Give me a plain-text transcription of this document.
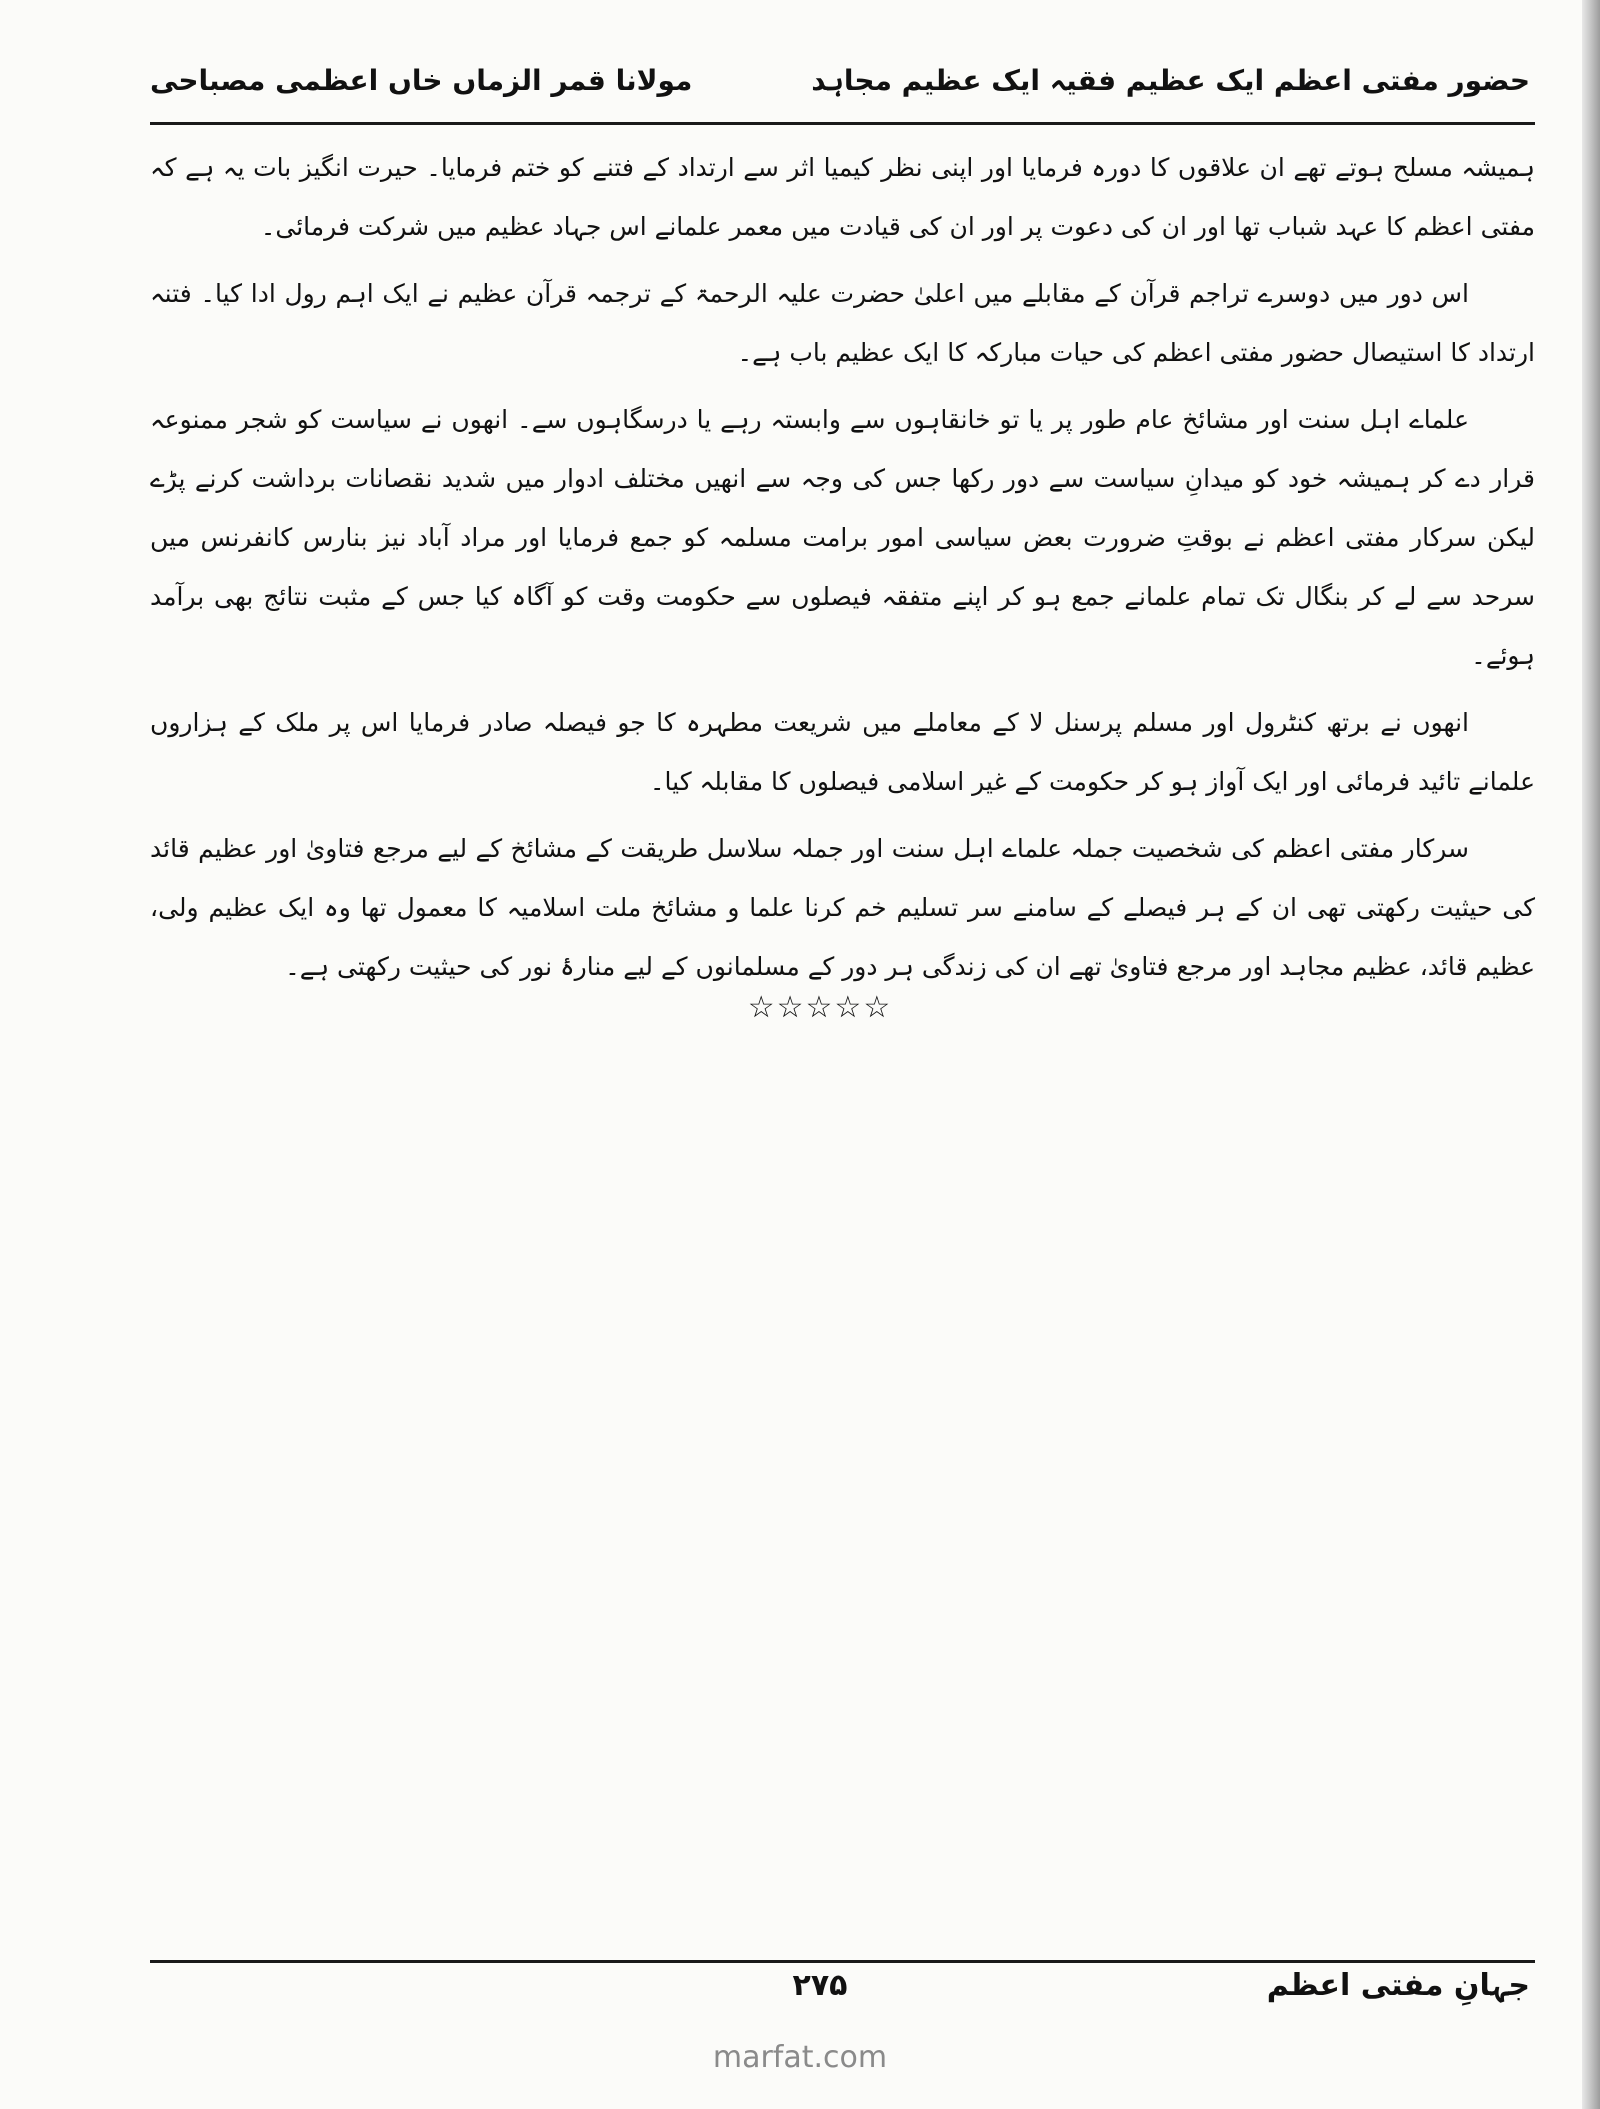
حضور مفتی اعظم ایک عظیم فقیہ ایک عظیم مجاہد
مولانا قمر الزماں خاں اعظمی مصباحی

ہمیشہ مسلح ہوتے تھے ان علاقوں کا دورہ فرمایا اور اپنی نظر کیمیا اثر سے ارتداد کے فتنے کو ختم فرمایا۔ حیرت انگیز بات یہ ہے کہ مفتی اعظم کا عہد شباب تھا اور ان کی دعوت پر اور ان کی قیادت میں معمر علمانے اس جہاد عظیم میں شرکت فرمائی۔

اس دور میں دوسرے تراجم قرآن کے مقابلے میں اعلیٰ حضرت علیہ الرحمۃ کے ترجمہ قرآن عظیم نے ایک اہم رول ادا کیا۔ فتنہ ارتداد کا استیصال حضور مفتی اعظم کی حیات مبارکہ کا ایک عظیم باب ہے۔

علماے اہل سنت اور مشائخ عام طور پر یا تو خانقاہوں سے وابستہ رہے یا درسگاہوں سے۔ انھوں نے سیاست کو شجر ممنوعہ قرار دے کر ہمیشہ خود کو میدانِ سیاست سے دور رکھا جس کی وجہ سے انھیں مختلف ادوار میں شدید نقصانات برداشت کرنے پڑے لیکن سرکار مفتی اعظم نے بوقتِ ضرورت بعض سیاسی امور برامت مسلمہ کو جمع فرمایا اور مراد آباد نیز بنارس کانفرنس میں سرحد سے لے کر بنگال تک تمام علمانے جمع ہو کر اپنے متفقہ فیصلوں سے حکومت وقت کو آگاہ کیا جس کے مثبت نتائج بھی برآمد ہوئے۔

انھوں نے برتھ کنٹرول اور مسلم پرسنل لا کے معاملے میں شریعت مطہرہ کا جو فیصلہ صادر فرمایا اس پر ملک کے ہزاروں علمانے تائید فرمائی اور ایک آواز ہو کر حکومت کے غیر اسلامی فیصلوں کا مقابلہ کیا۔

سرکار مفتی اعظم کی شخصیت جملہ علماے اہل سنت اور جملہ سلاسل طریقت کے مشائخ کے لیے مرجع فتاویٰ اور عظیم قائد کی حیثیت رکھتی تھی ان کے ہر فیصلے کے سامنے سر تسلیم خم کرنا علما و مشائخ ملت اسلامیہ کا معمول تھا وہ ایک عظیم ولی، عظیم قائد، عظیم مجاہد اور مرجع فتاویٰ تھے ان کی زندگی ہر دور کے مسلمانوں کے لیے منارۂ نور کی حیثیت رکھتی ہے۔

☆☆☆☆☆
۲۷۵	جہانِ مفتی اعظم
marfat.com
